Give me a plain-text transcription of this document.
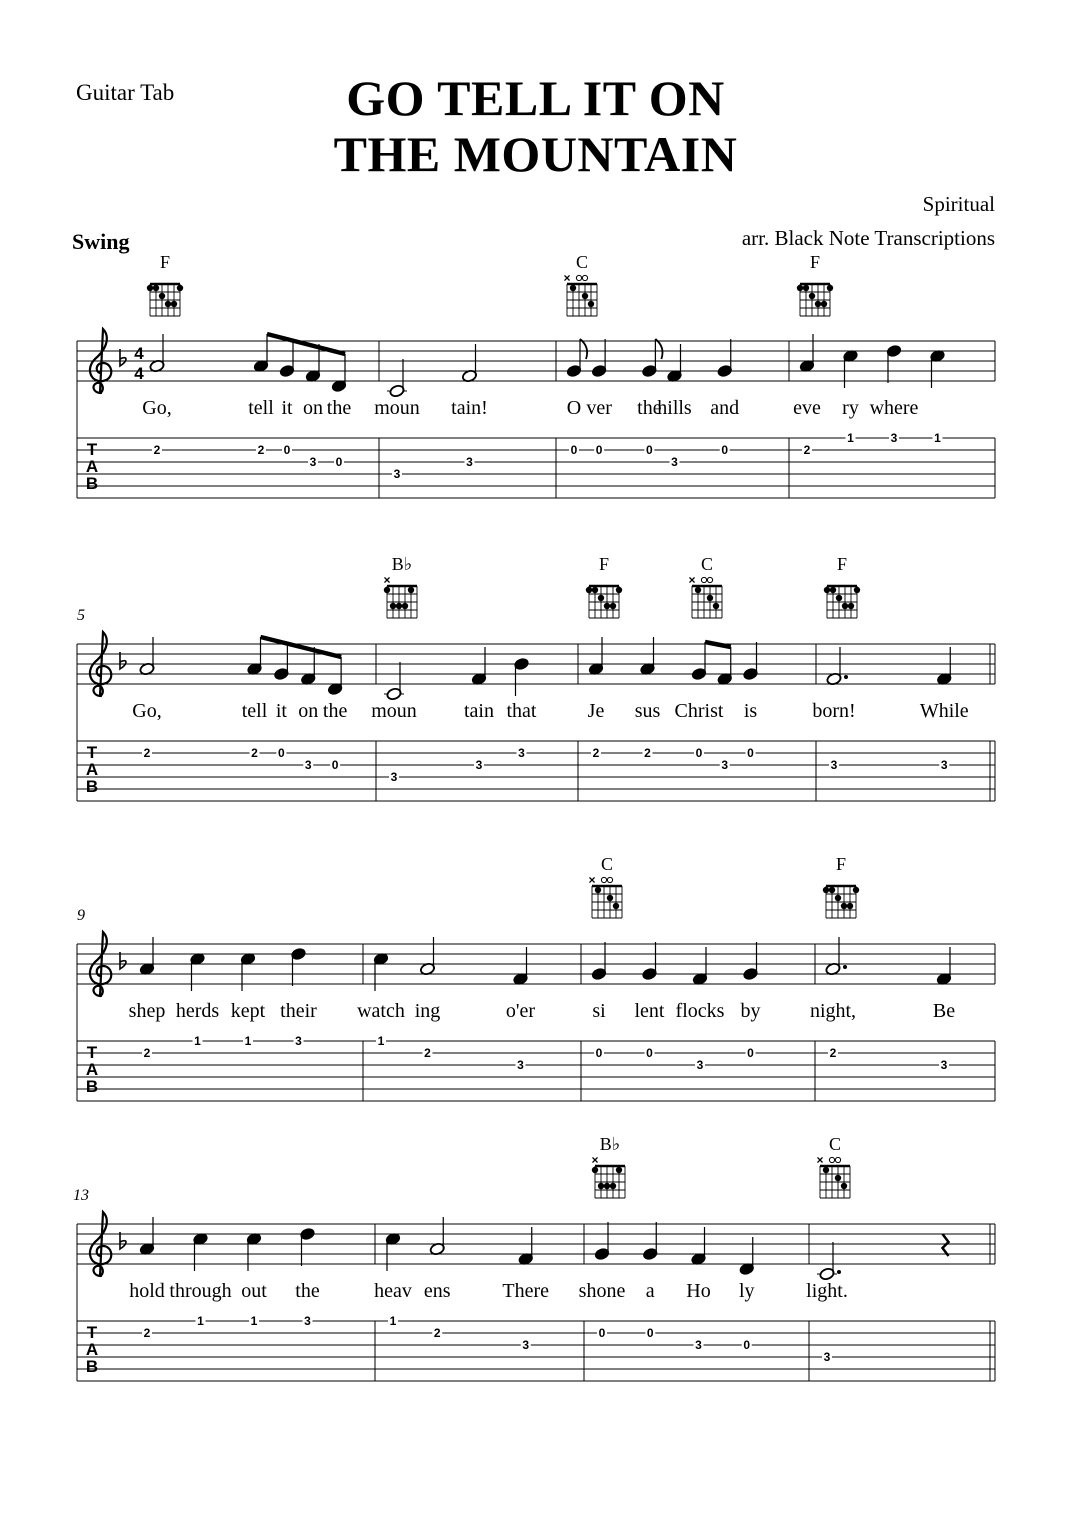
Guitar Tab	GO TELL IT ON
THE MOUNTAIN
Spiritual
arr. Black Note Transcriptions
Swing
4
4
T
A
B
F
2
Go,
2
tell
0
it
3
on
0
the
3
moun
3
tain!
C
×
0
O
0
ver
0
the
3
hills
0
and
F
2
eve
1
ry
3
where
1
T
A
B
5
2
Go,
2
tell
0
it
3
on
0
the
B♭
×
3
moun
3
tain
3
that
F	C
×
2
Je
2
sus
0
Christ
3
0
is
F
3
born!
3
While
T
A
B
9
2
shep
1
herds
1
kept
3
their
1
watch
2
ing
3
o'er
C
×
0
si
0
lent
3
flocks
0
by
F
2
night,
3
Be
T
A
B
13
2
hold
1
through
1
out
3
the
1
heav
2
ens
3
There
B♭
×
0
shone
0
a
3
Ho
0
ly
C
×
3
light.
